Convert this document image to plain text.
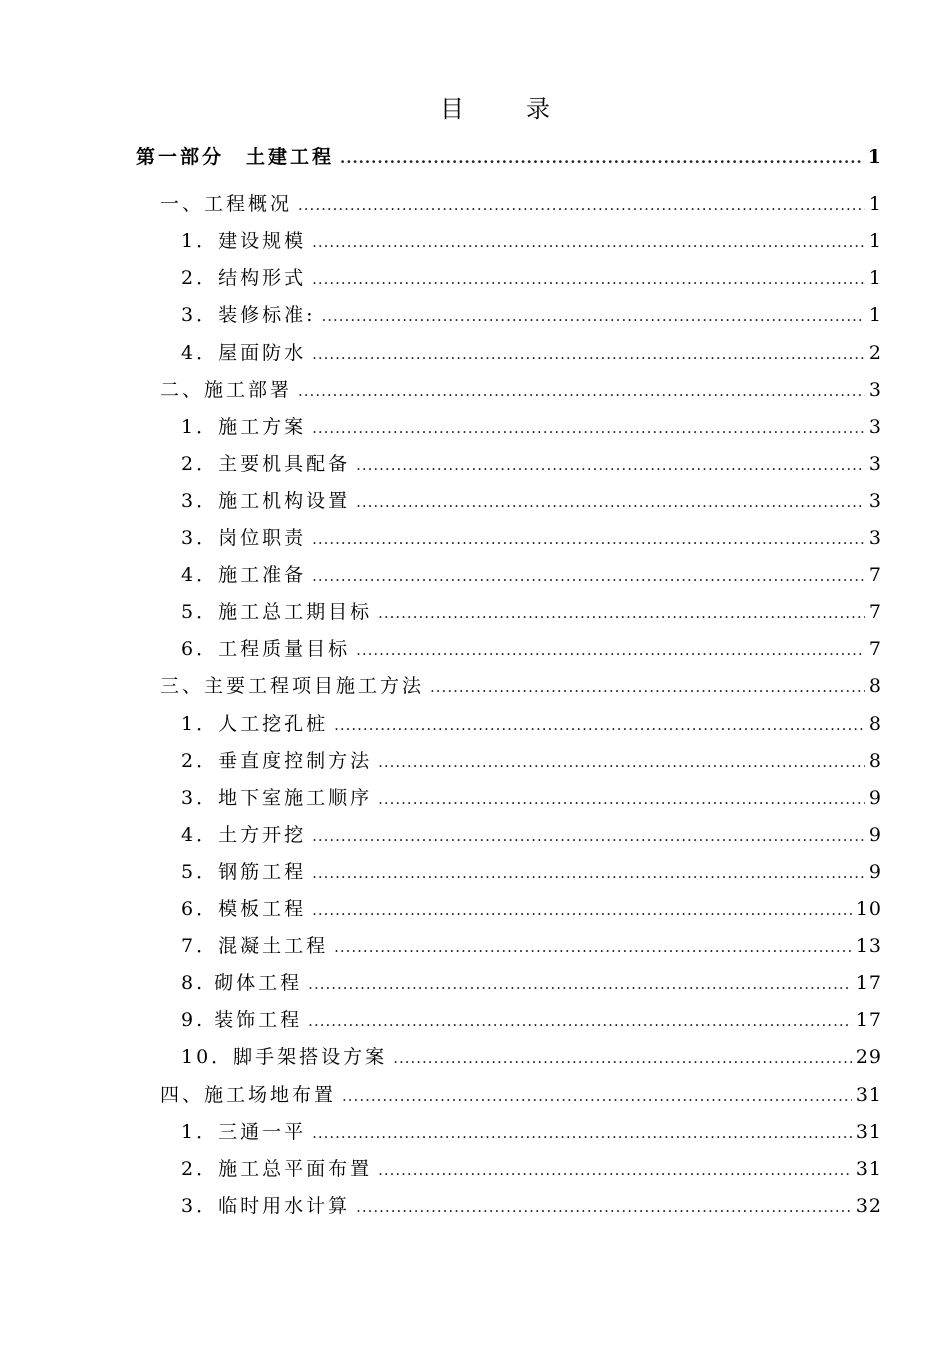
目	录
第一部分　土建工程 .....	1
一、工程概况 .....	1
1．建设规模 .....	1
2．结构形式 .....	1
3．装修标准: .....	1
4．屋面防水 .....	2
二、施工部署 .....	3
1．施工方案 .....	3
2．主要机具配备 .....	3
3．施工机构设置 .....	3
3．岗位职责 .....	3
4．施工准备 .....	7
5．施工总工期目标 .....	7
6．工程质量目标 .....	7
三、主要工程项目施工方法 .....	8
1．人工挖孔桩 .....	8
2．垂直度控制方法 .....	8
3．地下室施工顺序 .....	9
4．土方开挖 .....	9
5．钢筋工程 .....	9
6．模板工程 .....	10
7．混凝土工程 .....	13
8. 砌体工程 .....	17
9. 装饰工程 .....	17
10．脚手架搭设方案 .....	29
四、施工场地布置 .....	31
1．三通一平 .....	31
2．施工总平面布置 .....	31
3．临时用水计算 .....	32
